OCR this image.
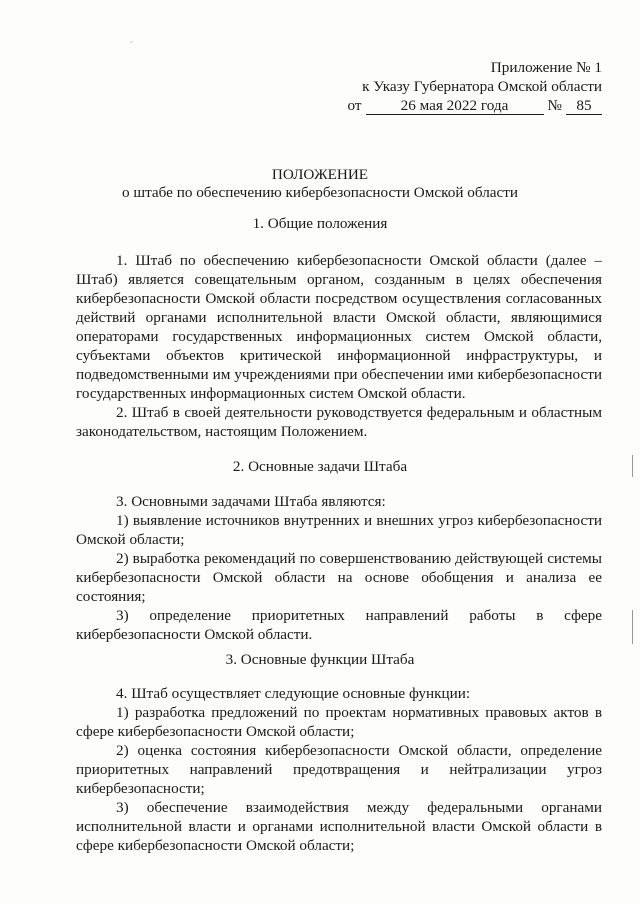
´
Приложение № 1
к Указу Губернатора Омской области
от	26 мая 2022 года	№ 85
ПОЛОЖЕНИЕ
о штабе по обеспечению кибербезопасности Омской области
1. Общие положения

1. Штаб по обеспечению кибербезопасности Омской области (далее – Штаб) является совещательным органом, созданным в целях обеспечения кибербезопасности Омской области посредством осуществления согласованных действий органами исполнительной власти Омской области, являющимися операторами государственных информационных систем Омской области, субъектами объектов критической информационной инфраструктуры, и подведомственными им учреждениями при обеспечении ими кибербезопасности государственных информационных систем Омской области.

2. Штаб в своей деятельности руководствуется федеральным и областным законодательством, настоящим Положением.

2. Основные задачи Штаба

3. Основными задачами Штаба являются:

1) выявление источников внутренних и внешних угроз кибербезопасности Омской области;

2) выработка рекомендаций по совершенствованию действующей системы кибербезопасности Омской области на основе обобщения и анализа ее состояния;

3) определение приоритетных направлений работы в сфере кибербезопасности Омской области.

3. Основные функции Штаба

4. Штаб осуществляет следующие основные функции:

1) разработка предложений по проектам нормативных правовых актов в сфере кибербезопасности Омской области;

2) оценка состояния кибербезопасности Омской области, определение приоритетных направлений предотвращения и нейтрализации угроз кибербезопасности;

3) обеспечение взаимодействия между федеральными органами исполнительной власти и органами исполнительной власти Омской области в сфере кибербезопасности Омской области;
